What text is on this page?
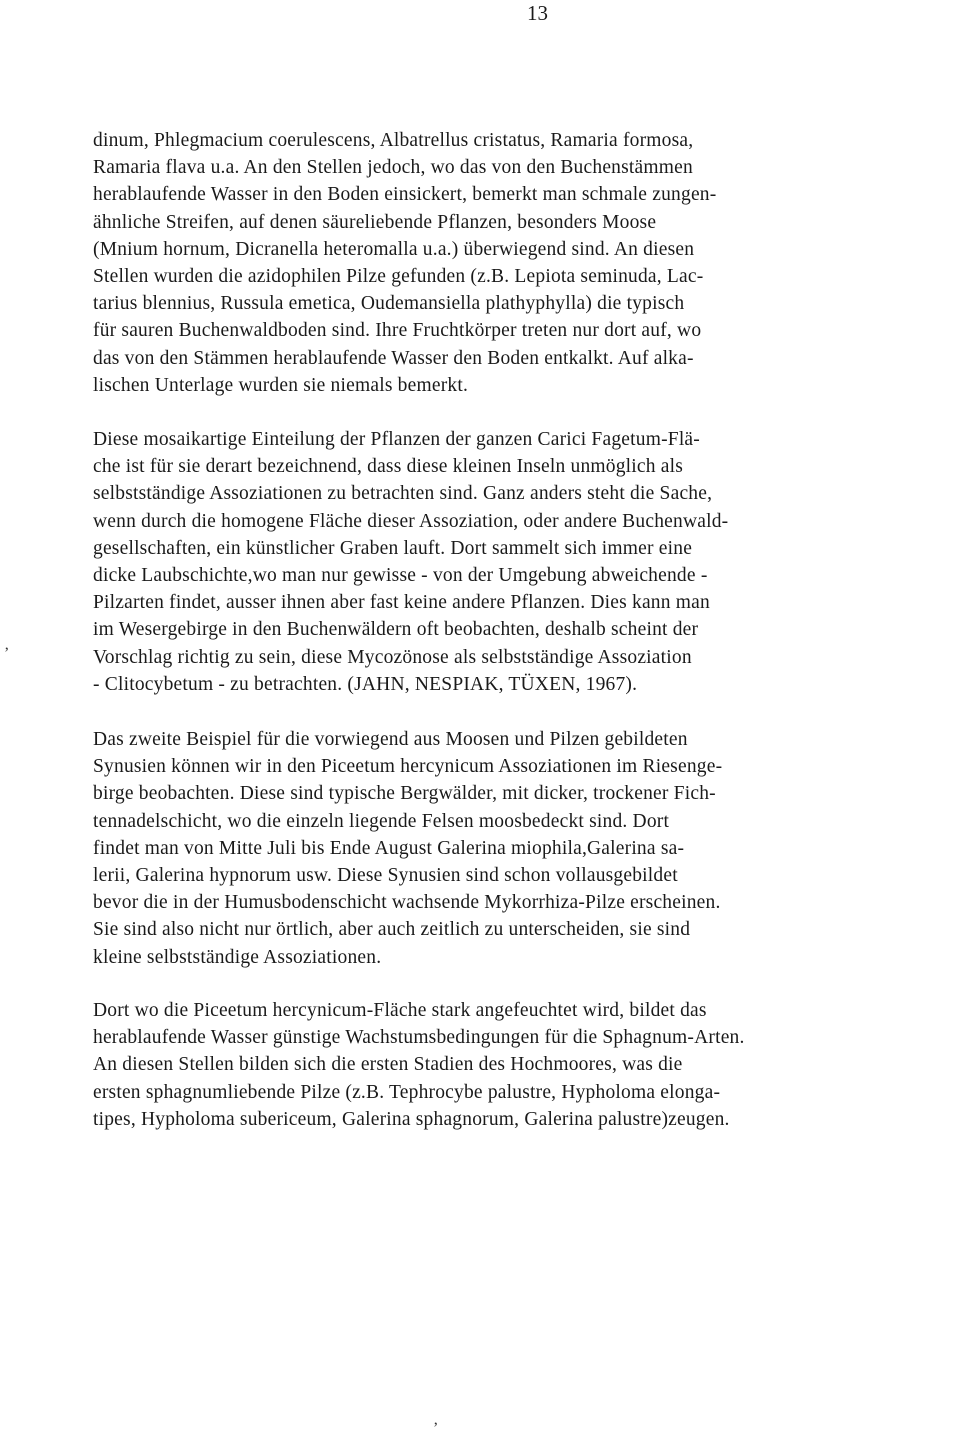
13
dinum, Phlegmacium coerulescens, Albatrellus cristatus, Ramaria formosa,
Ramaria flava u.a. An den Stellen jedoch, wo das von den Buchenstämmen
herablaufende Wasser in den Boden einsickert, bemerkt man schmale zungen-
ähnliche Streifen, auf denen säureliebende Pflanzen, besonders Moose
(Mnium hornum, Dicranella heteromalla u.a.) überwiegend sind. An diesen
Stellen wurden die azidophilen Pilze gefunden (z.B. Lepiota seminuda, Lac-
tarius blennius, Russula emetica, Oudemansiella plathyphylla) die typisch
für sauren Buchenwaldboden sind. Ihre Fruchtkörper treten nur dort auf, wo
das von den Stämmen herablaufende Wasser den Boden entkalkt. Auf alka-
lischen Unterlage wurden sie niemals bemerkt.
Diese mosaikartige Einteilung der Pflanzen der ganzen Carici Fagetum-Flä-
che ist für sie derart bezeichnend, dass diese kleinen Inseln unmöglich als
selbstständige Assoziationen zu betrachten sind. Ganz anders steht die Sache,
wenn durch die homogene Fläche dieser Assoziation, oder andere Buchenwald-
gesellschaften, ein künstlicher Graben lauft. Dort sammelt sich immer eine
dicke Laubschichte,wo man nur gewisse - von der Umgebung abweichende -
Pilzarten findet, ausser ihnen aber fast keine andere Pflanzen. Dies kann man
im Wesergebirge in den Buchenwäldern oft beobachten, deshalb scheint der
Vorschlag richtig zu sein, diese Mycozönose als selbstständige Assoziation
- Clitocybetum - zu betrachten. (JAHN, NESPIAK, TÜXEN, 1967).
Das zweite Beispiel für die vorwiegend aus Moosen und Pilzen gebildeten
Synusien können wir in den Piceetum hercynicum Assoziationen im Riesenge-
birge beobachten. Diese sind typische Bergwälder, mit dicker, trockener Fich-
tennadelschicht, wo die einzeln liegende Felsen moosbedeckt sind. Dort
findet man von Mitte Juli bis Ende August Galerina miophila,Galerina sa-
lerii, Galerina hypnorum usw. Diese Synusien sind schon vollausgebildet
bevor die in der Humusbodenschicht wachsende Mykorrhiza-Pilze erscheinen.
Sie sind also nicht nur örtlich, aber auch zeitlich zu unterscheiden, sie sind
kleine selbstständige Assoziationen.
Dort wo die Piceetum hercynicum-Fläche stark angefeuchtet wird, bildet das
herablaufende Wasser günstige Wachstumsbedingungen für die Sphagnum-Arten.
An diesen Stellen bilden sich die ersten Stadien des Hochmoores, was die
ersten sphagnumliebende Pilze (z.B. Tephrocybe palustre, Hypholoma elonga-
tipes, Hypholoma subericeum, Galerina sphagnorum, Galerina palustre)zeugen.
’
’
